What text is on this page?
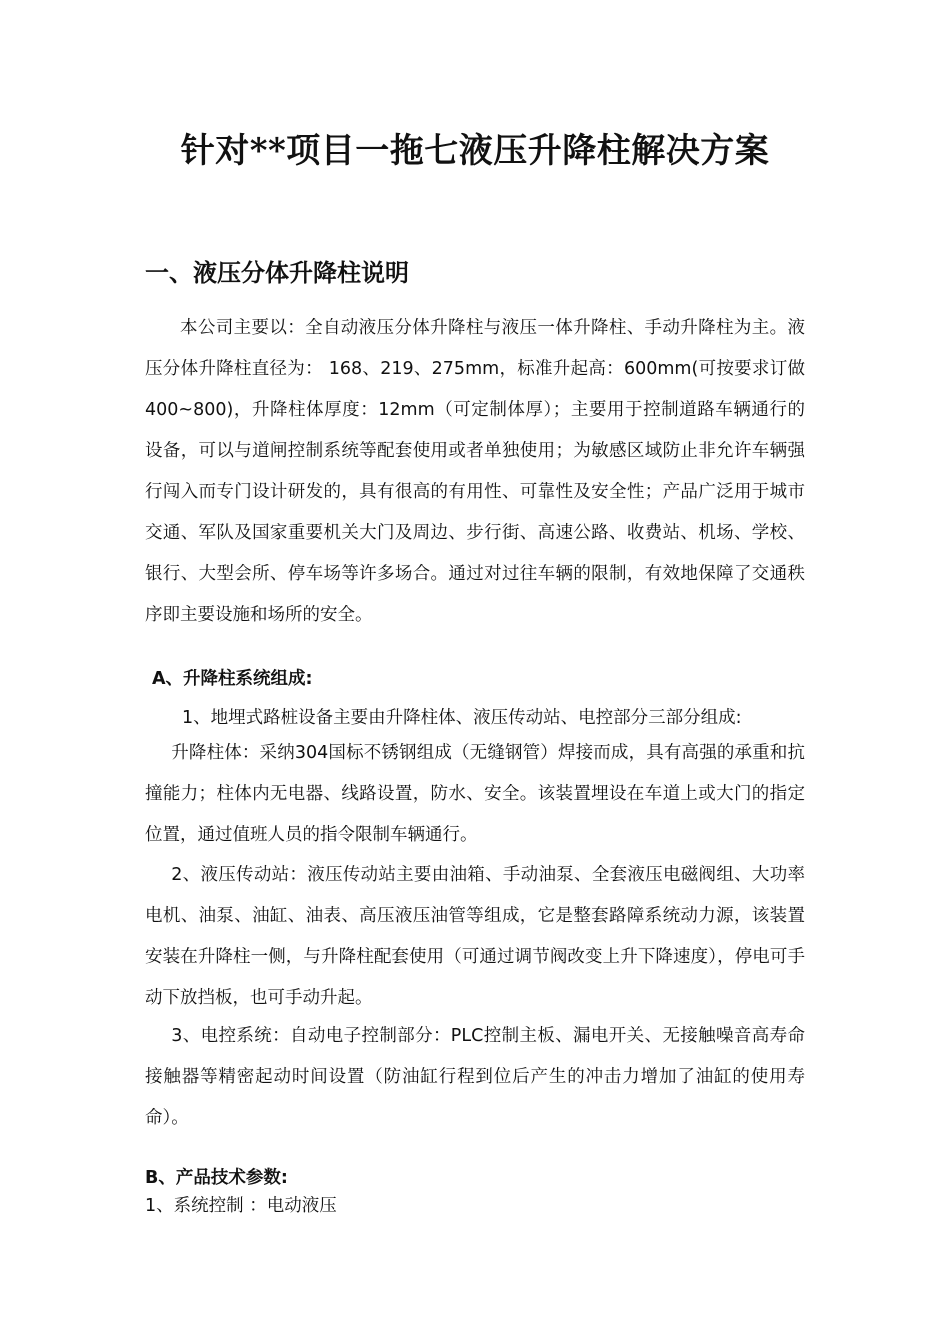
针对**项目一拖七液压升降柱解决方案
一、液压分体升降柱说明
本公司主要以：全自动液压分体升降柱与液压一体升降柱、手动升降柱为主。液压分体升降柱直径为： 168、219、275mm，标准升起高：600mm(可按要求订做400~800)，升降柱体厚度：12mm（可定制体厚）；主要用于控制道路车辆通行的设备，可以与道闸控制系统等配套使用或者单独使用；为敏感区域防止非允许车辆强行闯入而专门设计研发的，具有很高的有用性、可靠性及安全性；产品广泛用于城市交通、军队及国家重要机关大门及周边、步行街、高速公路、收费站、机场、学校、银行、大型会所、停车场等许多场合。通过对过往车辆的限制，有效地保障了交通秩序即主要设施和场所的安全。
A、升降柱系统组成:
1、地埋式路桩设备主要由升降柱体、液压传动站、电控部分三部分组成:
升降柱体：采纳304国标不锈钢组成（无缝钢管）焊接而成，具有高强的承重和抗撞能力；柱体内无电器、线路设置，防水、安全。该装置埋设在车道上或大门的指定位置，通过值班人员的指令限制车辆通行。
2、液压传动站：液压传动站主要由油箱、手动油泵、全套液压电磁阀组、大功率电机、油泵、油缸、油表、高压液压油管等组成，它是整套路障系统动力源，该装置安装在升降柱一侧，与升降柱配套使用（可通过调节阀改变上升下降速度），停电可手动下放挡板，也可手动升起。
3、电控系统：自动电子控制部分：PLC控制主板、漏电开关、无接触噪音高寿命接触器等精密起动时间设置（防油缸行程到位后产生的冲击力增加了油缸的使用寿命）。
B、产品技术参数:
1、系统控制 ：电动液压
